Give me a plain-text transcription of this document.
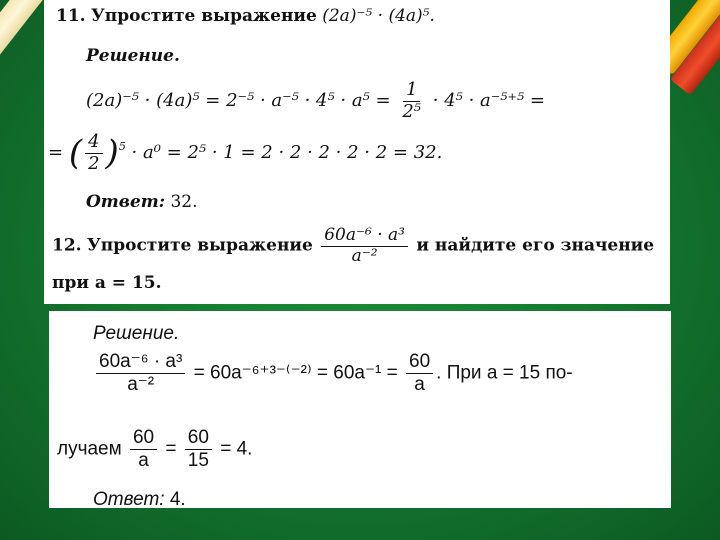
11. Упростите выражение (2a)⁻⁵ · (4a)⁵.
Решение.
$(2a)^{-5} \cdot (4a)^5 = 2^{-5} \cdot a^{-5} \cdot 4^5 \cdot a^5 = \frac{1}{\text{2⁵}} \cdot 4^5 \cdot a^{-5+5}$ =
= ( $\frac{4}{2} )^5 \cdot a^0 = 2^5 \cdot 1 = 2 \cdot 2 \cdot 2 \cdot 2 \cdot 2 = 32$.
Ответ: 32.
12. Упростите выражение $\frac{\text{60a⁻⁶ · a³}}{\text{a⁻²}}$ и найдите его значение
при a = 15.
Решение.
$\frac{\text{60a⁻⁶ · a³}}{\text{a⁻²}} = 60a^{-6+3-(-2)} = 60a^{-1} = \frac{60}{a}$ . При a = 15 по-
лучаем $\frac{60}{a} = \frac{60}{15} = 4$.
Ответ: 4.
